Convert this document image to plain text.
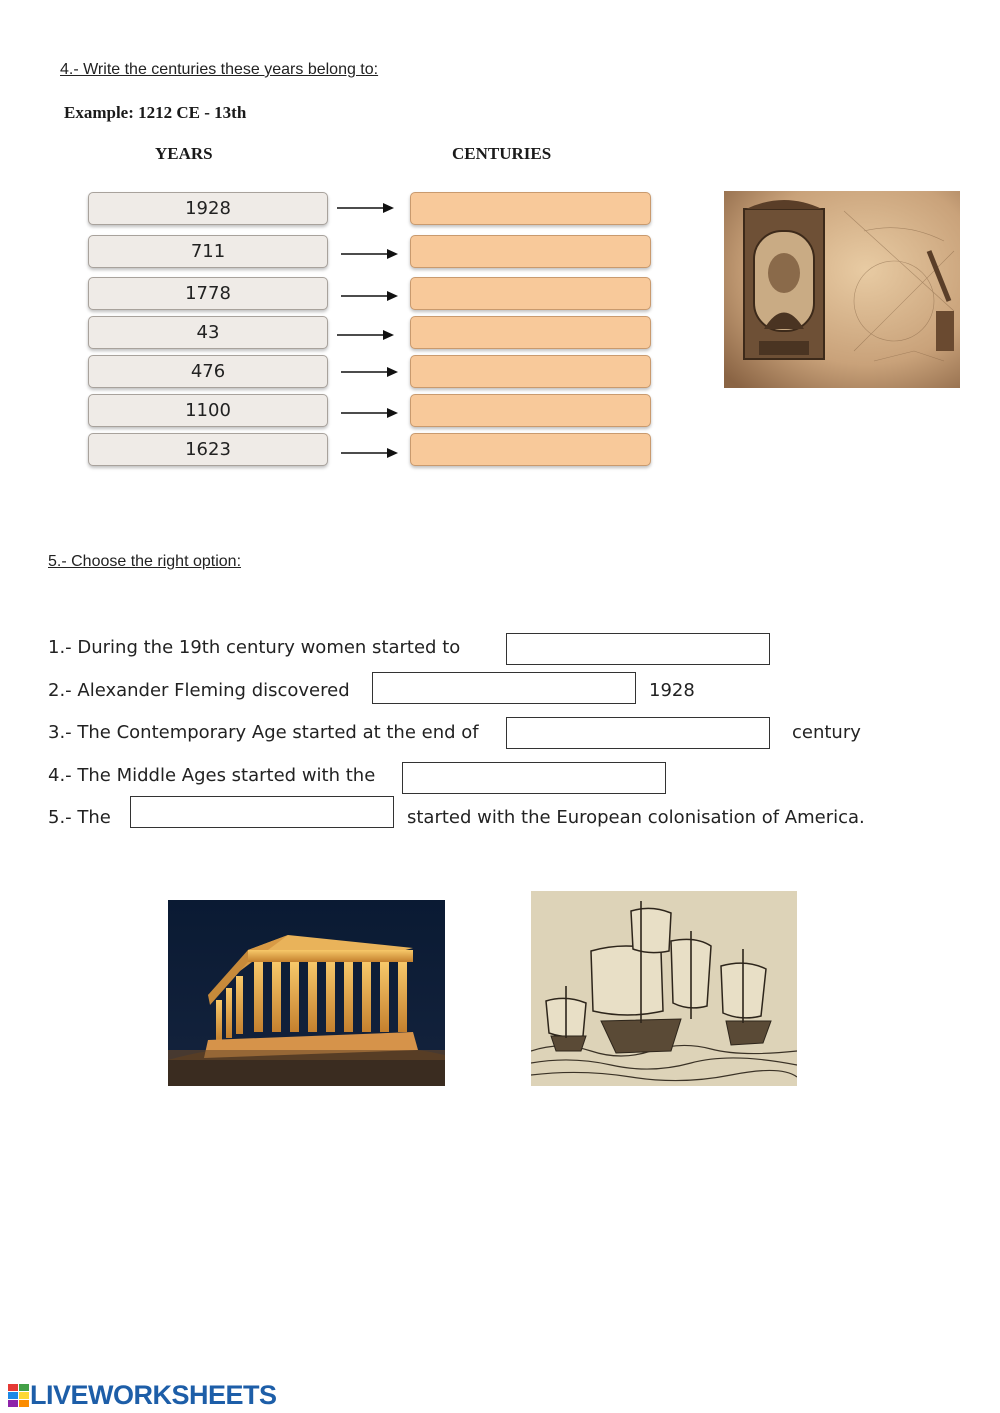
4.- Write the centuries these years belong to:
Example: 1212 CE - 13th
YEARS	CENTURIES
1928
711
1778
43
476
1100
1623
5.- Choose the right option:
1.- During the 19th century women started to
2.- Alexander Fleming discovered	1928
3.- The Contemporary Age started at the end of	century
4.- The Middle Ages started with the
5.- The	started with the European colonisation of America.
LIVEWORKSHEETS
